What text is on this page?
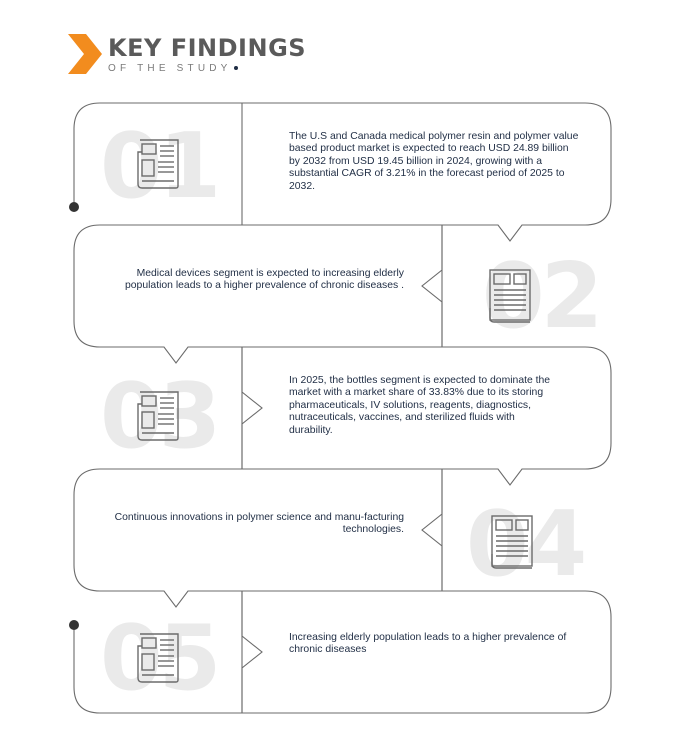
KEY FINDINGS
OF THE STUDY
01
02
03
04
05
The U.S and Canada medical polymer resin and polymer value based product market is expected to reach USD 24.89 billion by 2032 from USD 19.45 billion in 2024, growing with a substantial CAGR of 3.21% in the forecast period of 2025 to 2032.
Medical devices segment is expected to increasing elderly population leads to a higher prevalence of chronic diseases .
In 2025, the bottles segment is expected to dominate the market with a market share of 33.83% due to its storing pharmaceuticals, IV solutions, reagents, diagnostics, nutraceuticals, vaccines, and sterilized fluids with durability.
Continuous innovations in polymer science and manu-facturing technologies.
Increasing elderly population leads to a higher prevalence of chronic diseases
